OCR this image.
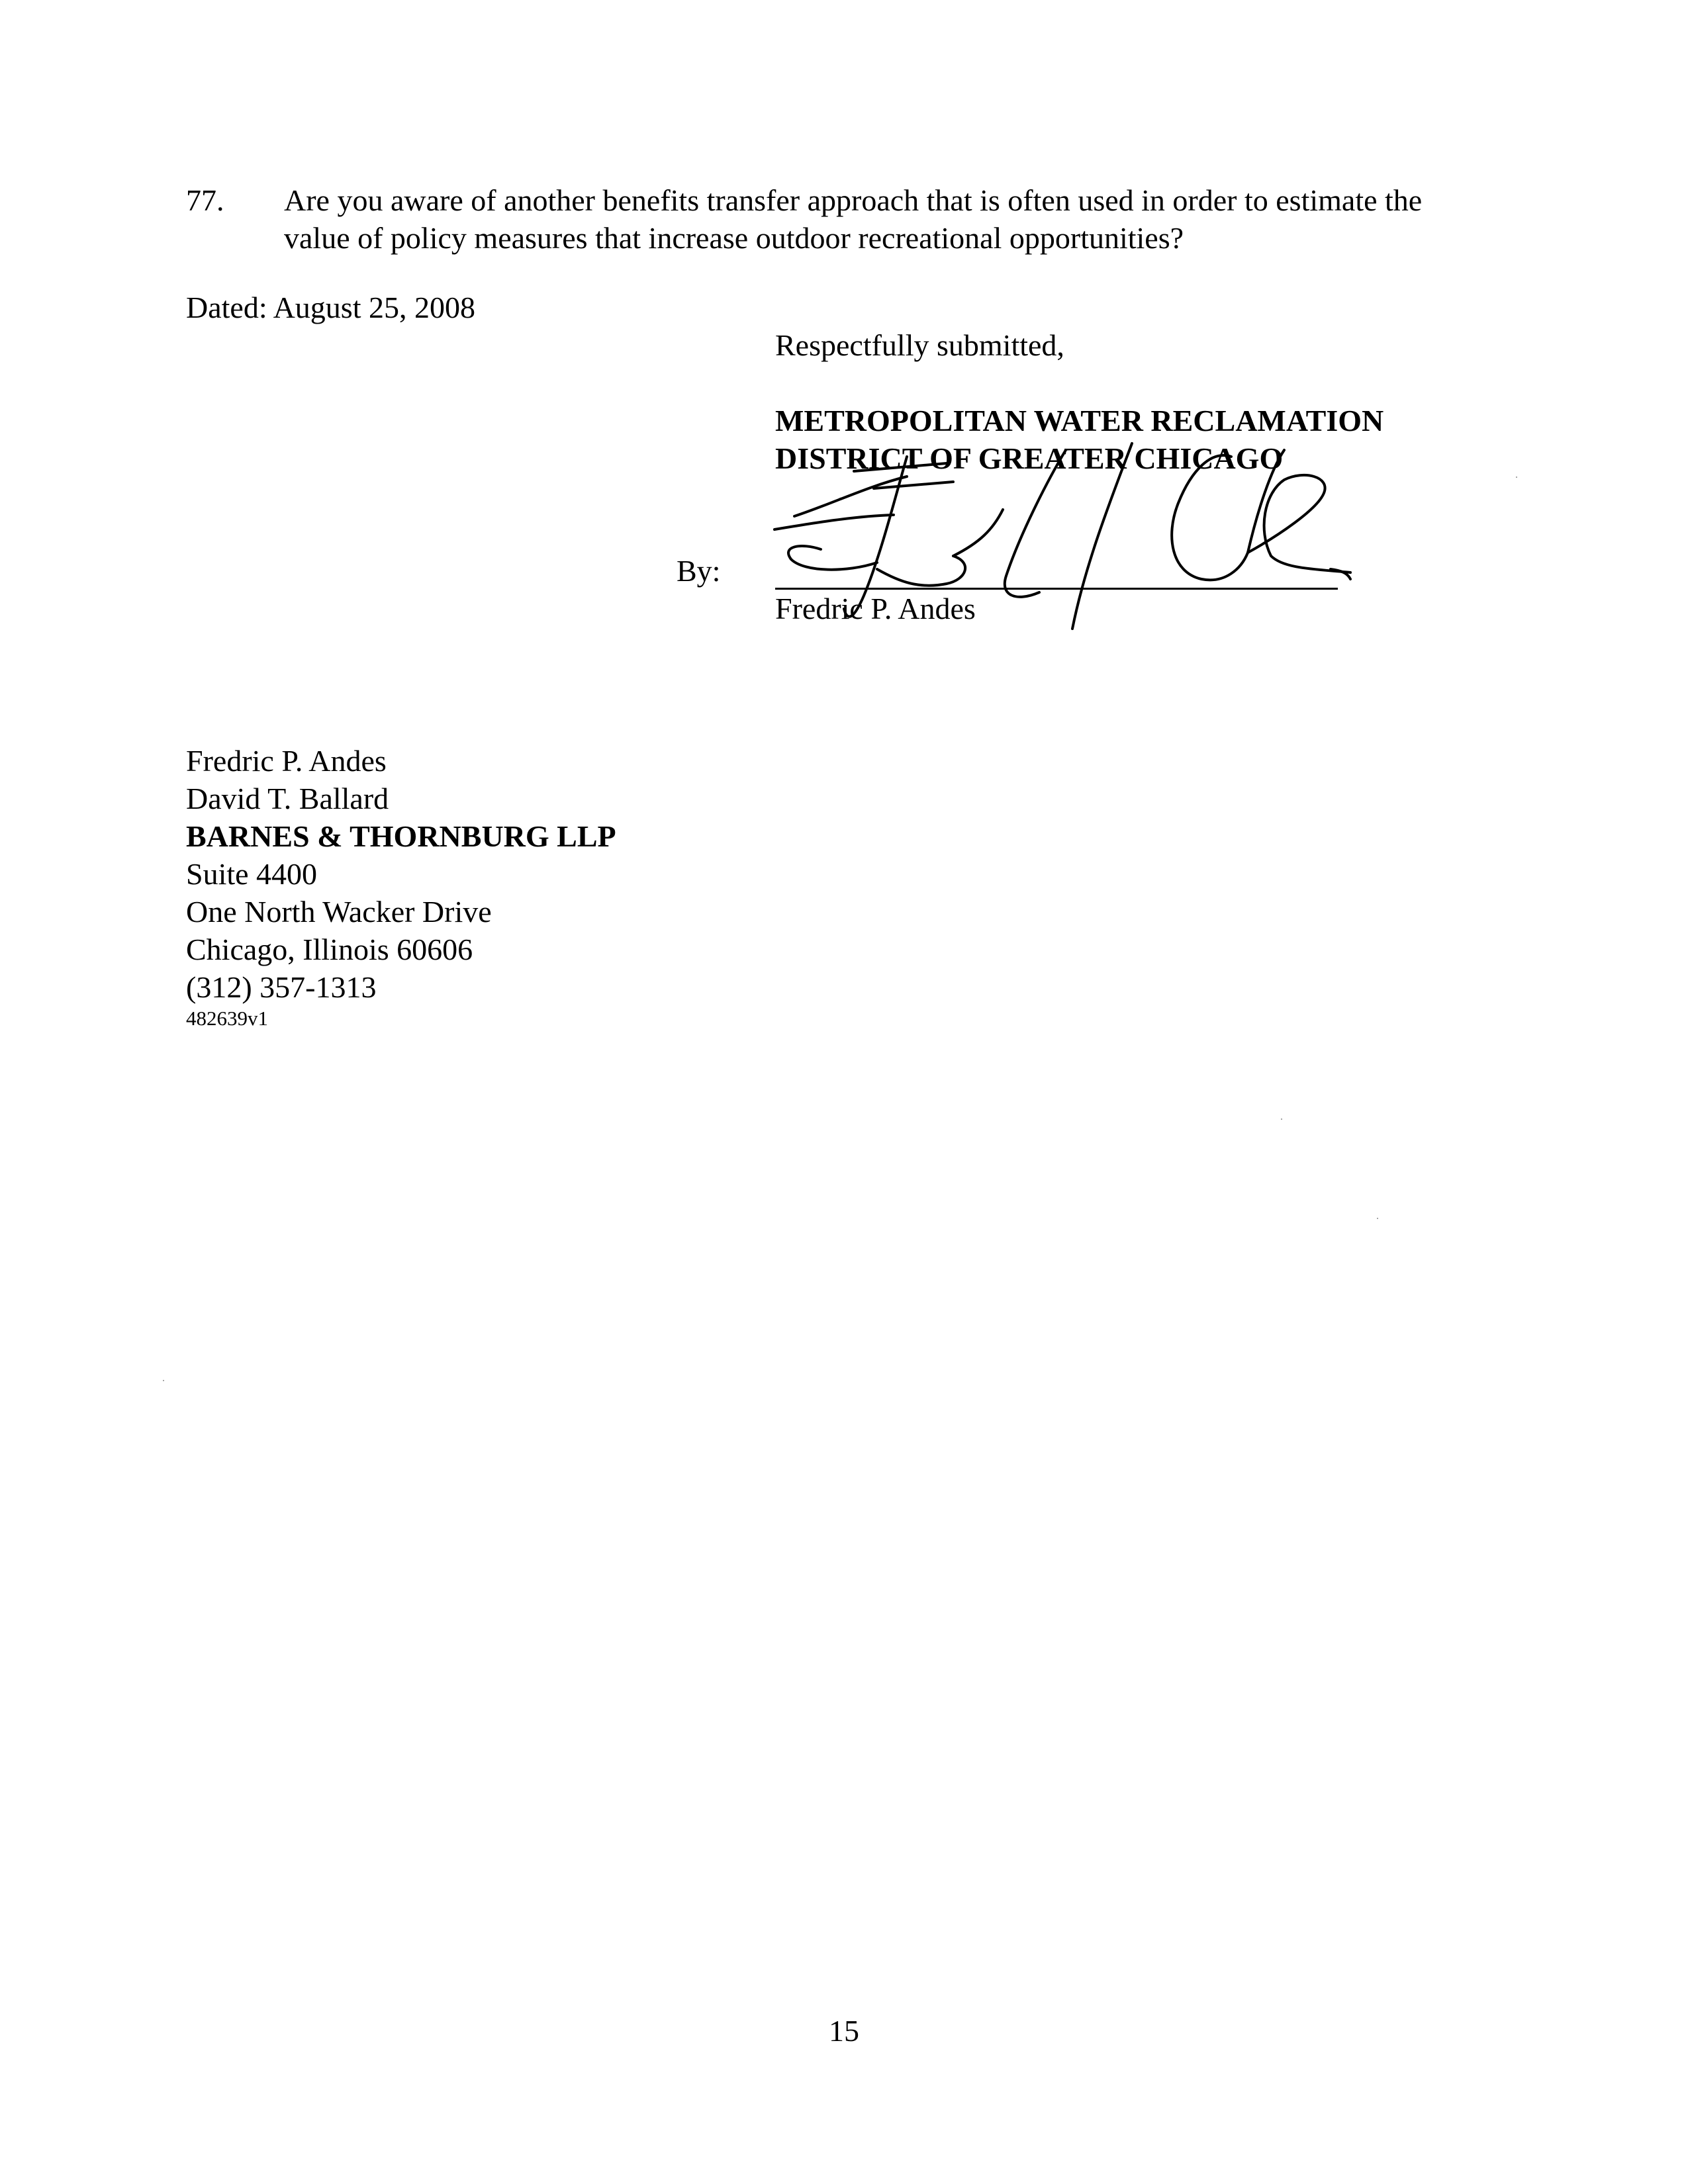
77. Are you aware of another benefits transfer approach that is often used in order to estimate the value of policy measures that increase outdoor recreational opportunities?
Dated: August 25, 2008
Respectfully submitted,
METROPOLITAN WATER RECLAMATION
DISTRICT OF GREATER CHICAGO
By:
Fredric P. Andes
Fredric P. Andes
David T. Ballard
BARNES & THORNBURG LLP
Suite 4400
One North Wacker Drive
Chicago, Illinois 60606
(312) 357-1313
482639v1
15
